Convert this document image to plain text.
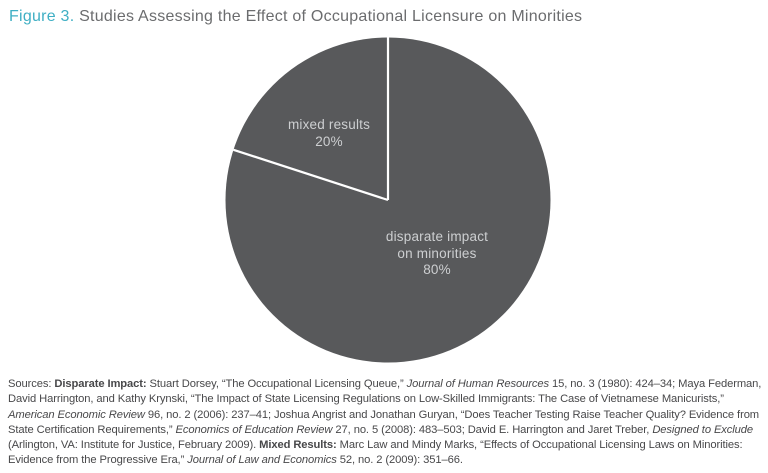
Figure 3. Studies Assessing the Effect of Occupational Licensure on Minorities
mixed results
20%
disparate impact
on minorities
80%
Sources: Disparate Impact: Stuart Dorsey, “The Occupational Licensing Queue,” Journal of Human Resources 15, no. 3 (1980): 424–34; Maya Federman, David Harrington, and Kathy Krynski, “The Impact of State Licensing Regulations on Low-Skilled Immigrants: The Case of Vietnamese Manicurists,” American Economic Review 96, no. 2 (2006): 237–41; Joshua Angrist and Jonathan Guryan, “Does Teacher Testing Raise Teacher Quality? Evidence from State Certification Requirements,” Economics of Education Review 27, no. 5 (2008): 483–503; David E. Harrington and Jaret Treber, Designed to Exclude (Arlington, VA: Institute for Justice, February 2009). Mixed Results: Marc Law and Mindy Marks, “Effects of Occupational Licensing Laws on Minorities: Evidence from the Progressive Era,” Journal of Law and Economics 52, no. 2 (2009): 351–66.
